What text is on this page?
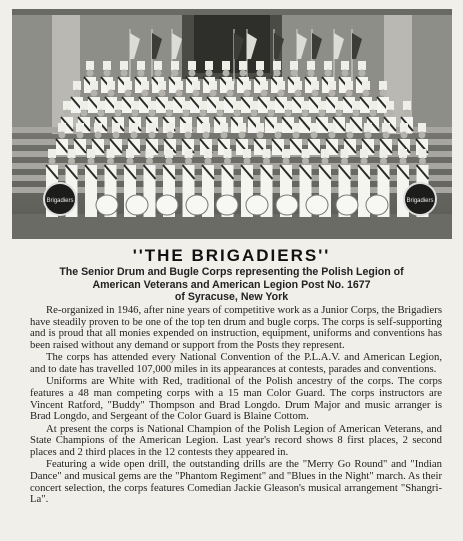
Brigadiers	Brigadiers
''THE BRIGADIERS''
The Senior Drum and Bugle Corps representing the Polish Legion of
American Veterans and American Legion Post No. 1677
of Syracuse, New York

Re-organized in 1946, after nine years of competitive work as a Junior Corps, the Brigadiers have steadily proven to be one of the top ten drum and bugle corps. The corps is self-supporting and is proud that all monies expended on instruction, equipment, uniforms and conventions has been raised without any demand or support from the Posts they represent.

The corps has attended every National Convention of the P.L.A.V. and American Legion, and to date has travelled 107,000 miles in its appearances at contests, parades and conventions.

Uniforms are White with Red, traditional of the Polish ancestry of the corps. The corps features a 48 man competing corps with a 15 man Color Guard. The corps instructors are Vincent Ratford, "Buddy" Thompson and Brad Longdo. Drum Major and music arranger is Brad Longdo, and Sergeant of the Color Guard is Blaine Cottom.

At present the corps is National Champion of the Polish Legion of American Veterans, and State Champions of the American Legion. Last year's record shows 8 first places, 2 second places and 2 third places in the 12 contests they appeared in.

Featuring a wide open drill, the outstanding drills are the "Merry Go Round" and "Indian Dance" and musical gems are the "Phantom Regiment" and "Blues in the Night" march. As their concert selection, the corps features Comedian Jackie Gleason's musical arrangement "Shangri-La".
